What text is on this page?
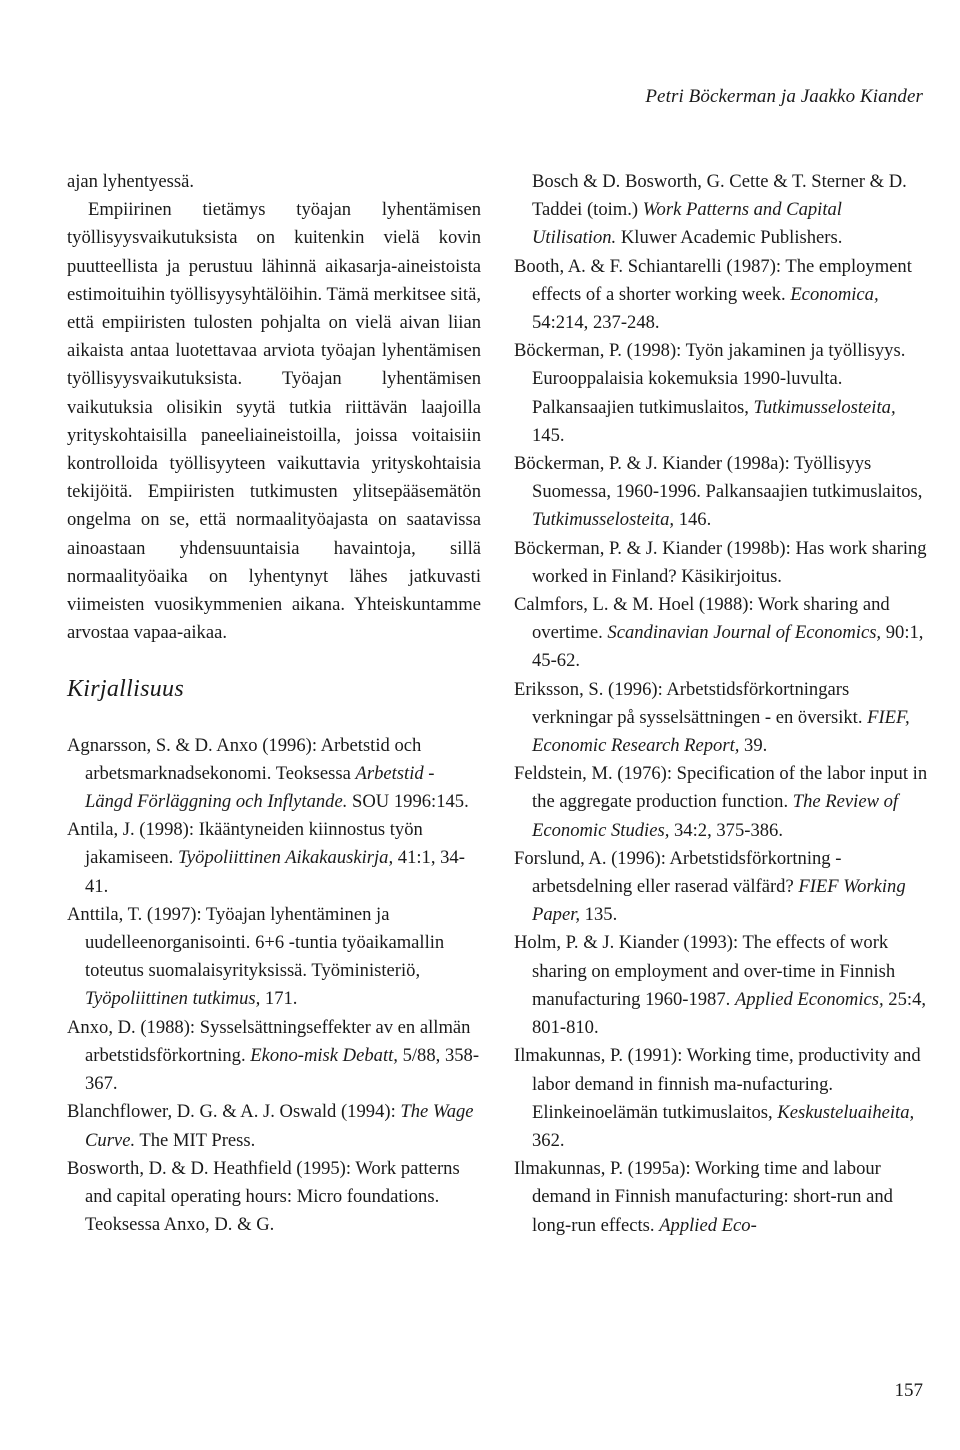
Petri Böckerman ja Jaakko Kiander

ajan lyhentyessä.

Empiirinen tietämys työajan lyhentämisen työllisyysvaikutuksista on kuitenkin vielä kovin puutteellista ja perustuu lähinnä aikasarja-aineistoista estimoituihin työllisyysyhtälöihin. Tämä merkitsee sitä, että empiiristen tulosten pohjalta on vielä aivan liian aikaista antaa luotettavaa arviota työajan lyhentämisen työllisyysvaikutuksista. Työajan lyhentämisen vaikutuksia olisikin syytä tutkia riittävän laajoilla yrityskohtaisilla paneeliaineistoilla, joissa voitaisiin kontrolloida työllisyyteen vaikuttavia yrityskohtaisia tekijöitä. Empiiristen tutkimusten ylitsepääsemätön ongelma on se, että normaalityöajasta on saatavissa ainoastaan yhdensuuntaisia havaintoja, sillä normaalityöaika on lyhentynyt lähes jatkuvasti viimeisten vuosikymmenien aikana. Yhteiskuntamme arvostaa vapaa-aikaa.

Kirjallisuus

Agnarsson, S. & D. Anxo (1996): Arbetstid och arbetsmarknadsekonomi. Teoksessa Arbetstid - Längd Förläggning och Inflytande. SOU 1996:145.

Antila, J. (1998): Ikääntyneiden kiinnostus työn jakamiseen. Työpoliittinen Aikakauskirja, 41:1, 34-41.

Anttila, T. (1997): Työajan lyhentäminen ja uudelleenorganisointi. 6+6 -tuntia työaikamallin toteutus suomalaisyrityksissä. Työministeriö, Työpoliittinen tutkimus, 171.

Anxo, D. (1988): Sysselsättningseffekter av en allmän arbetstidsförkortning. Ekono-misk Debatt, 5/88, 358-367.

Blanchflower, D. G. & A. J. Oswald (1994): The Wage Curve. The MIT Press.

Bosworth, D. & D. Heathfield (1995): Work patterns and capital operating hours: Micro foundations. Teoksessa Anxo, D. & G.

Bosch & D. Bosworth, G. Cette & T. Sterner & D. Taddei (toim.) Work Patterns and Capital Utilisation. Kluwer Academic Publishers.

Booth, A. & F. Schiantarelli (1987): The employment effects of a shorter working week. Economica, 54:214, 237-248.

Böckerman, P. (1998): Työn jakaminen ja työllisyys. Eurooppalaisia kokemuksia 1990-luvulta. Palkansaajien tutkimuslaitos, Tutkimusselosteita, 145.

Böckerman, P. & J. Kiander (1998a): Työllisyys Suomessa, 1960-1996. Palkansaajien tutkimuslaitos, Tutkimusselosteita, 146.

Böckerman, P. & J. Kiander (1998b): Has work sharing worked in Finland? Käsikirjoitus.

Calmfors, L. & M. Hoel (1988): Work sharing and overtime. Scandinavian Journal of Economics, 90:1, 45-62.

Eriksson, S. (1996): Arbetstidsförkortningars verkningar på sysselsättningen - en översikt. FIEF, Economic Research Report, 39.

Feldstein, M. (1976): Specification of the labor input in the aggregate production function. The Review of Economic Studies, 34:2, 375-386.

Forslund, A. (1996): Arbetstidsförkortning - arbetsdelning eller raserad välfärd? FIEF Working Paper, 135.

Holm, P. & J. Kiander (1993): The effects of work sharing on employment and over-time in Finnish manufacturing 1960-1987. Applied Economics, 25:4, 801-810.

Ilmakunnas, P. (1991): Working time, productivity and labor demand in finnish ma-nufacturing. Elinkeinoelämän tutkimuslaitos, Keskusteluaiheita, 362.

Ilmakunnas, P. (1995a): Working time and labour demand in Finnish manufacturing: short-run and long-run effects. Applied Eco-

157
